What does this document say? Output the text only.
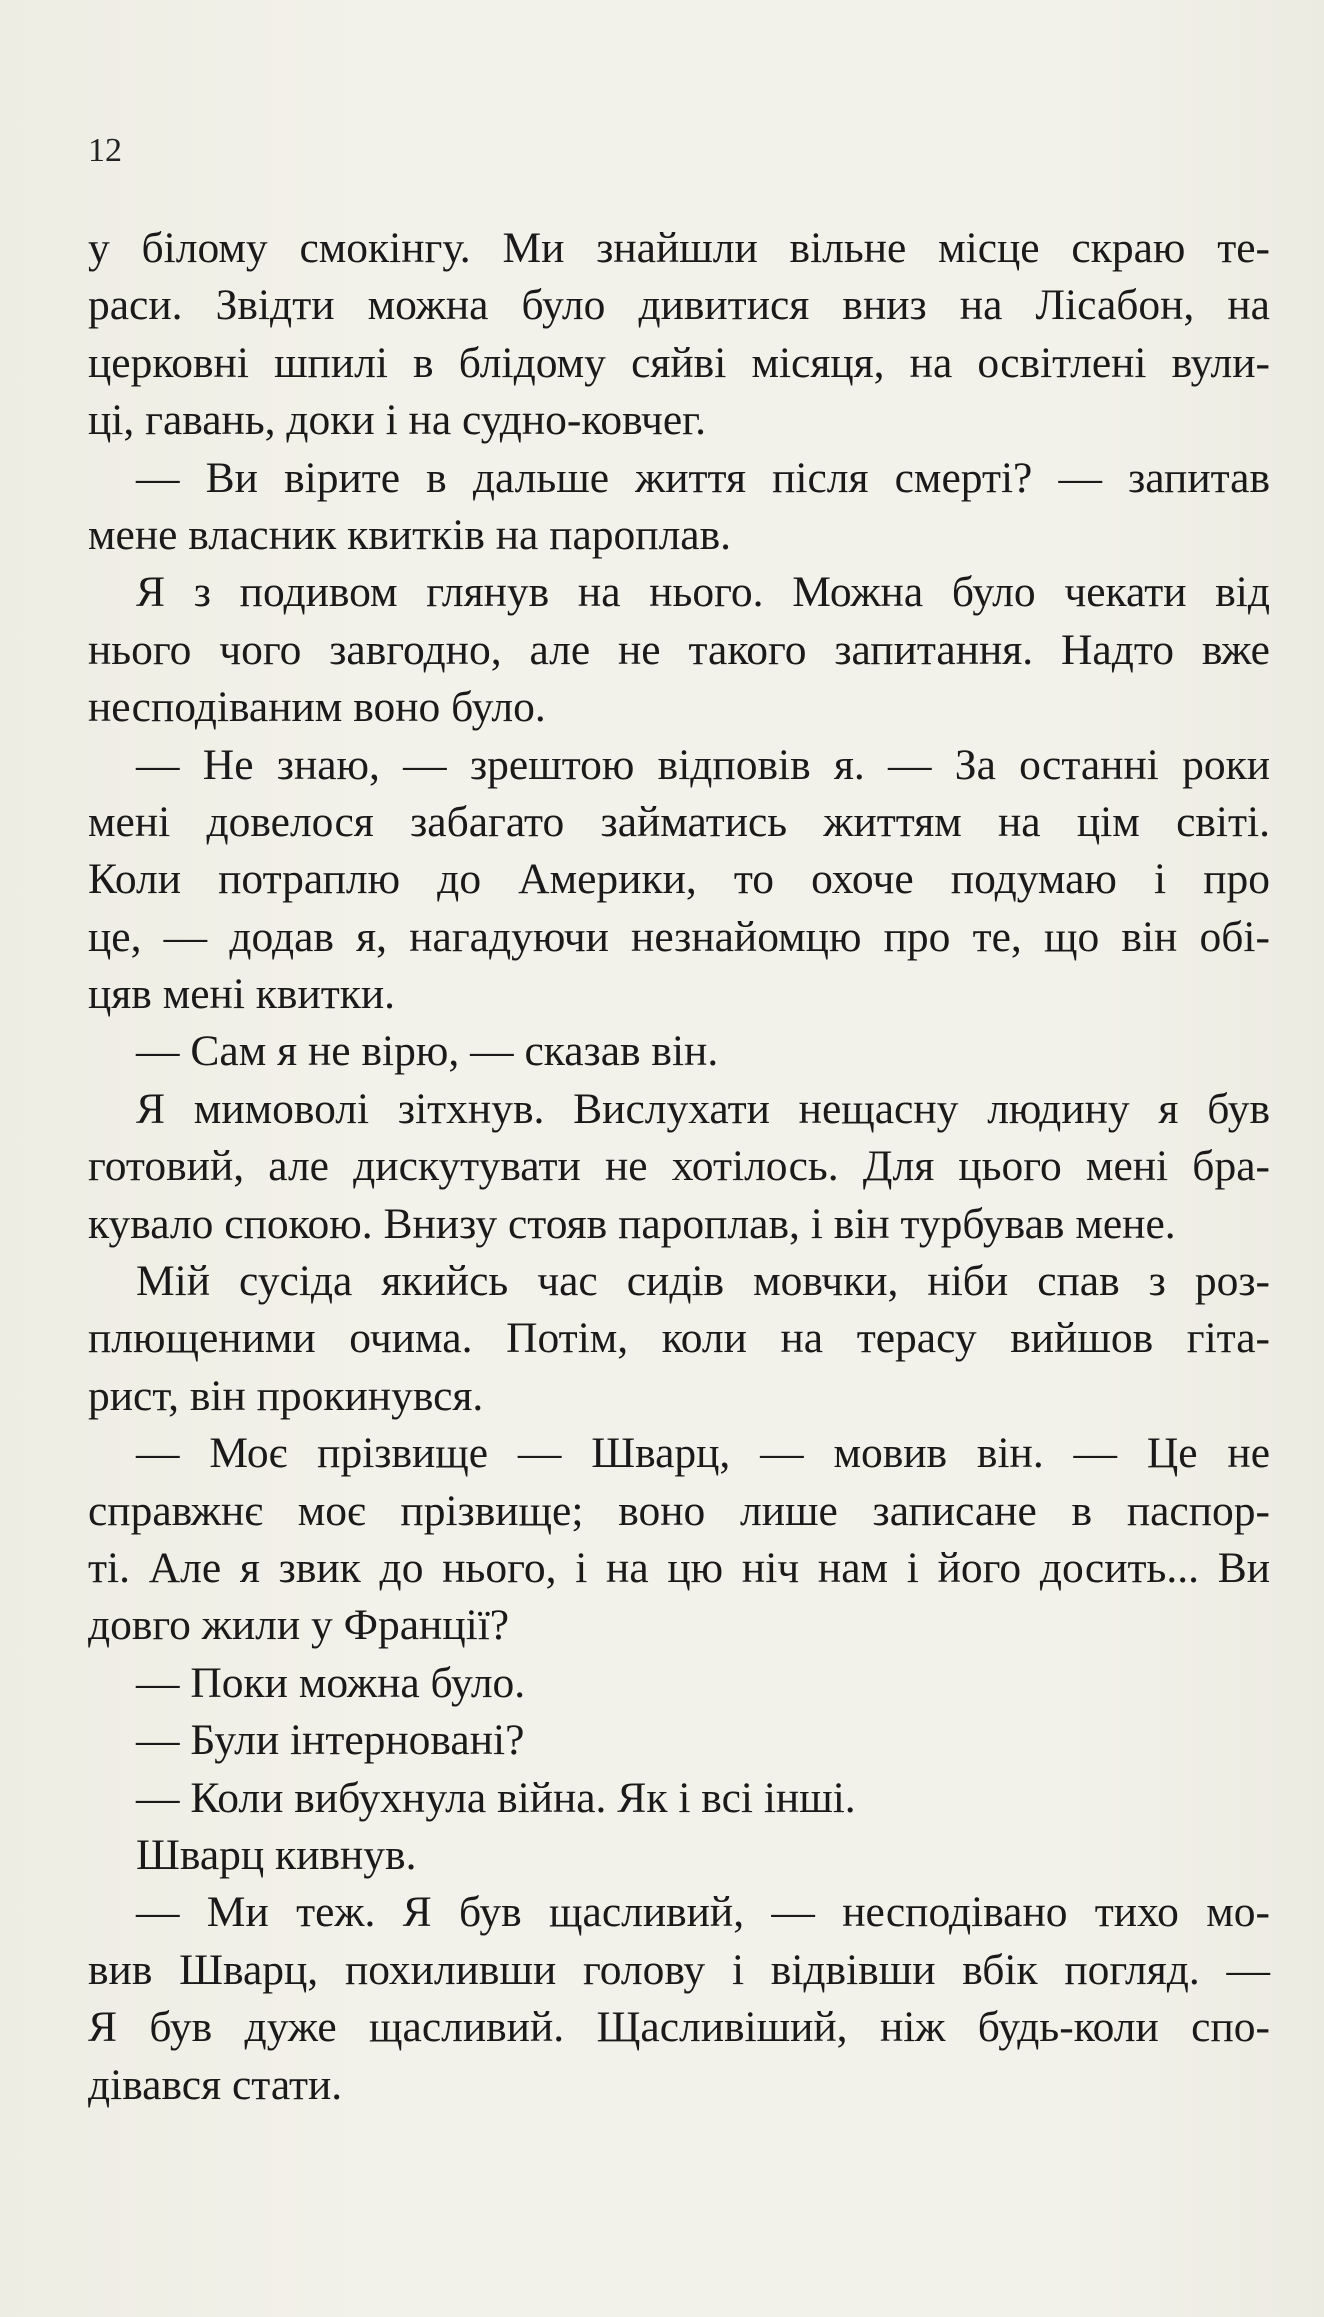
12
у білому смокінгу. Ми знайшли вільне місце скраю те-
раси. Звідти можна було дивитися вниз на Лісабон, на
церковні шпилі в блідому сяйві місяця, на освітлені вули-
ці, гавань, доки і на судно-ковчег.
— Ви вірите в дальше життя після смерті? — запитав
мене власник квитків на пароплав.
Я з подивом глянув на нього. Можна було чекати від
нього чого завгодно, але не такого запитання. Надто вже
несподіваним воно було.
— Не знаю, — зрештою відповів я. — За останні роки
мені довелося забагато займатись життям на цім світі.
Коли потраплю до Америки, то охоче подумаю і про
це, — додав я, нагадуючи незнайомцю про те, що він обі-
цяв мені квитки.
— Сам я не вірю, — сказав він.
Я мимоволі зітхнув. Вислухати нещасну людину я був
готовий, але дискутувати не хотілось. Для цього мені бра-
кувало спокою. Внизу стояв пароплав, і він турбував мене.
Мій сусіда якийсь час сидів мовчки, ніби спав з роз-
плющеними очима. Потім, коли на терасу вийшов гіта-
рист, він прокинувся.
— Моє прізвище — Шварц, — мовив він. — Це не
справжнє моє прізвище; воно лише записане в паспор-
ті. Але я звик до нього, і на цю ніч нам і його досить... Ви
довго жили у Франції?
— Поки можна було.
— Були інтерновані?
— Коли вибухнула війна. Як і всі інші.
Шварц кивнув.
— Ми теж. Я був щасливий, — несподівано тихо мо-
вив Шварц, похиливши голову і відвівши вбік погляд. —
Я був дуже щасливий. Щасливіший, ніж будь-коли спо-
дівався стати.
